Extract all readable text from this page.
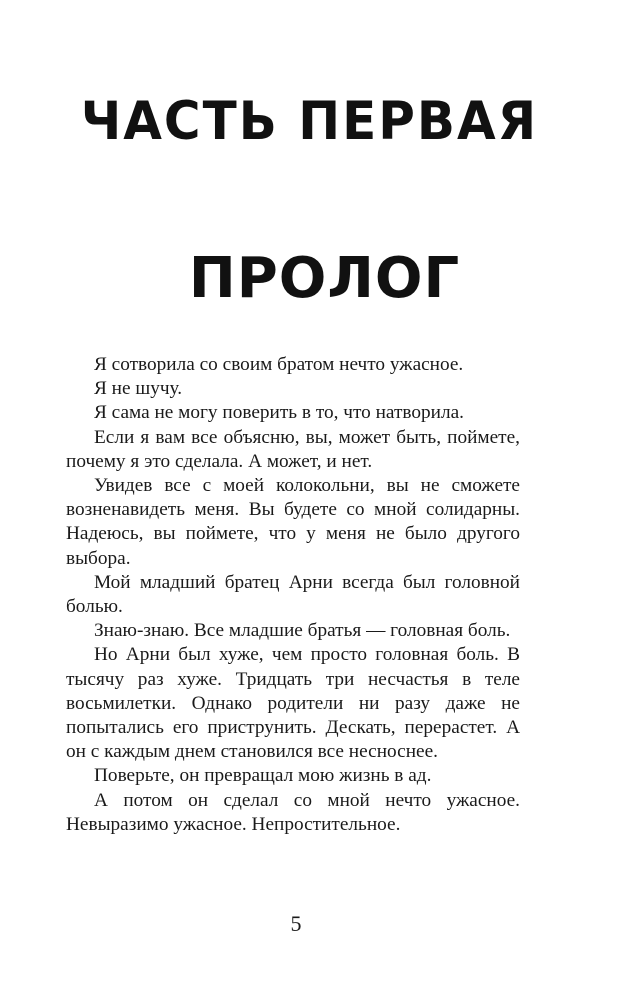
ЧАСТЬ ПЕРВАЯ
ПРОЛОГ

Я сотворила со своим братом нечто ужасное.

Я не шучу.

Я сама не могу поверить в то, что натворила.

Если я вам все объясню, вы, может быть, поймете, почему я это сделала. А может, и нет.

Увидев все с моей колокольни, вы не сможете возненавидеть меня. Вы будете со мной солидарны. Надеюсь, вы поймете, что у меня не было другого выбора.

Мой младший братец Арни всегда был головной болью.

Знаю-знаю. Все младшие братья — головная боль.

Но Арни был хуже, чем просто головная боль. В тысячу раз хуже. Тридцать три несчастья в теле восьмилетки. Однако родители ни разу даже не попытались его приструнить. Дескать, перерастет. А он с каждым днем становился все несноснее.

Поверьте, он превращал мою жизнь в ад.

А потом он сделал со мной нечто ужасное. Невыразимо ужасное. Непростительное.

5
